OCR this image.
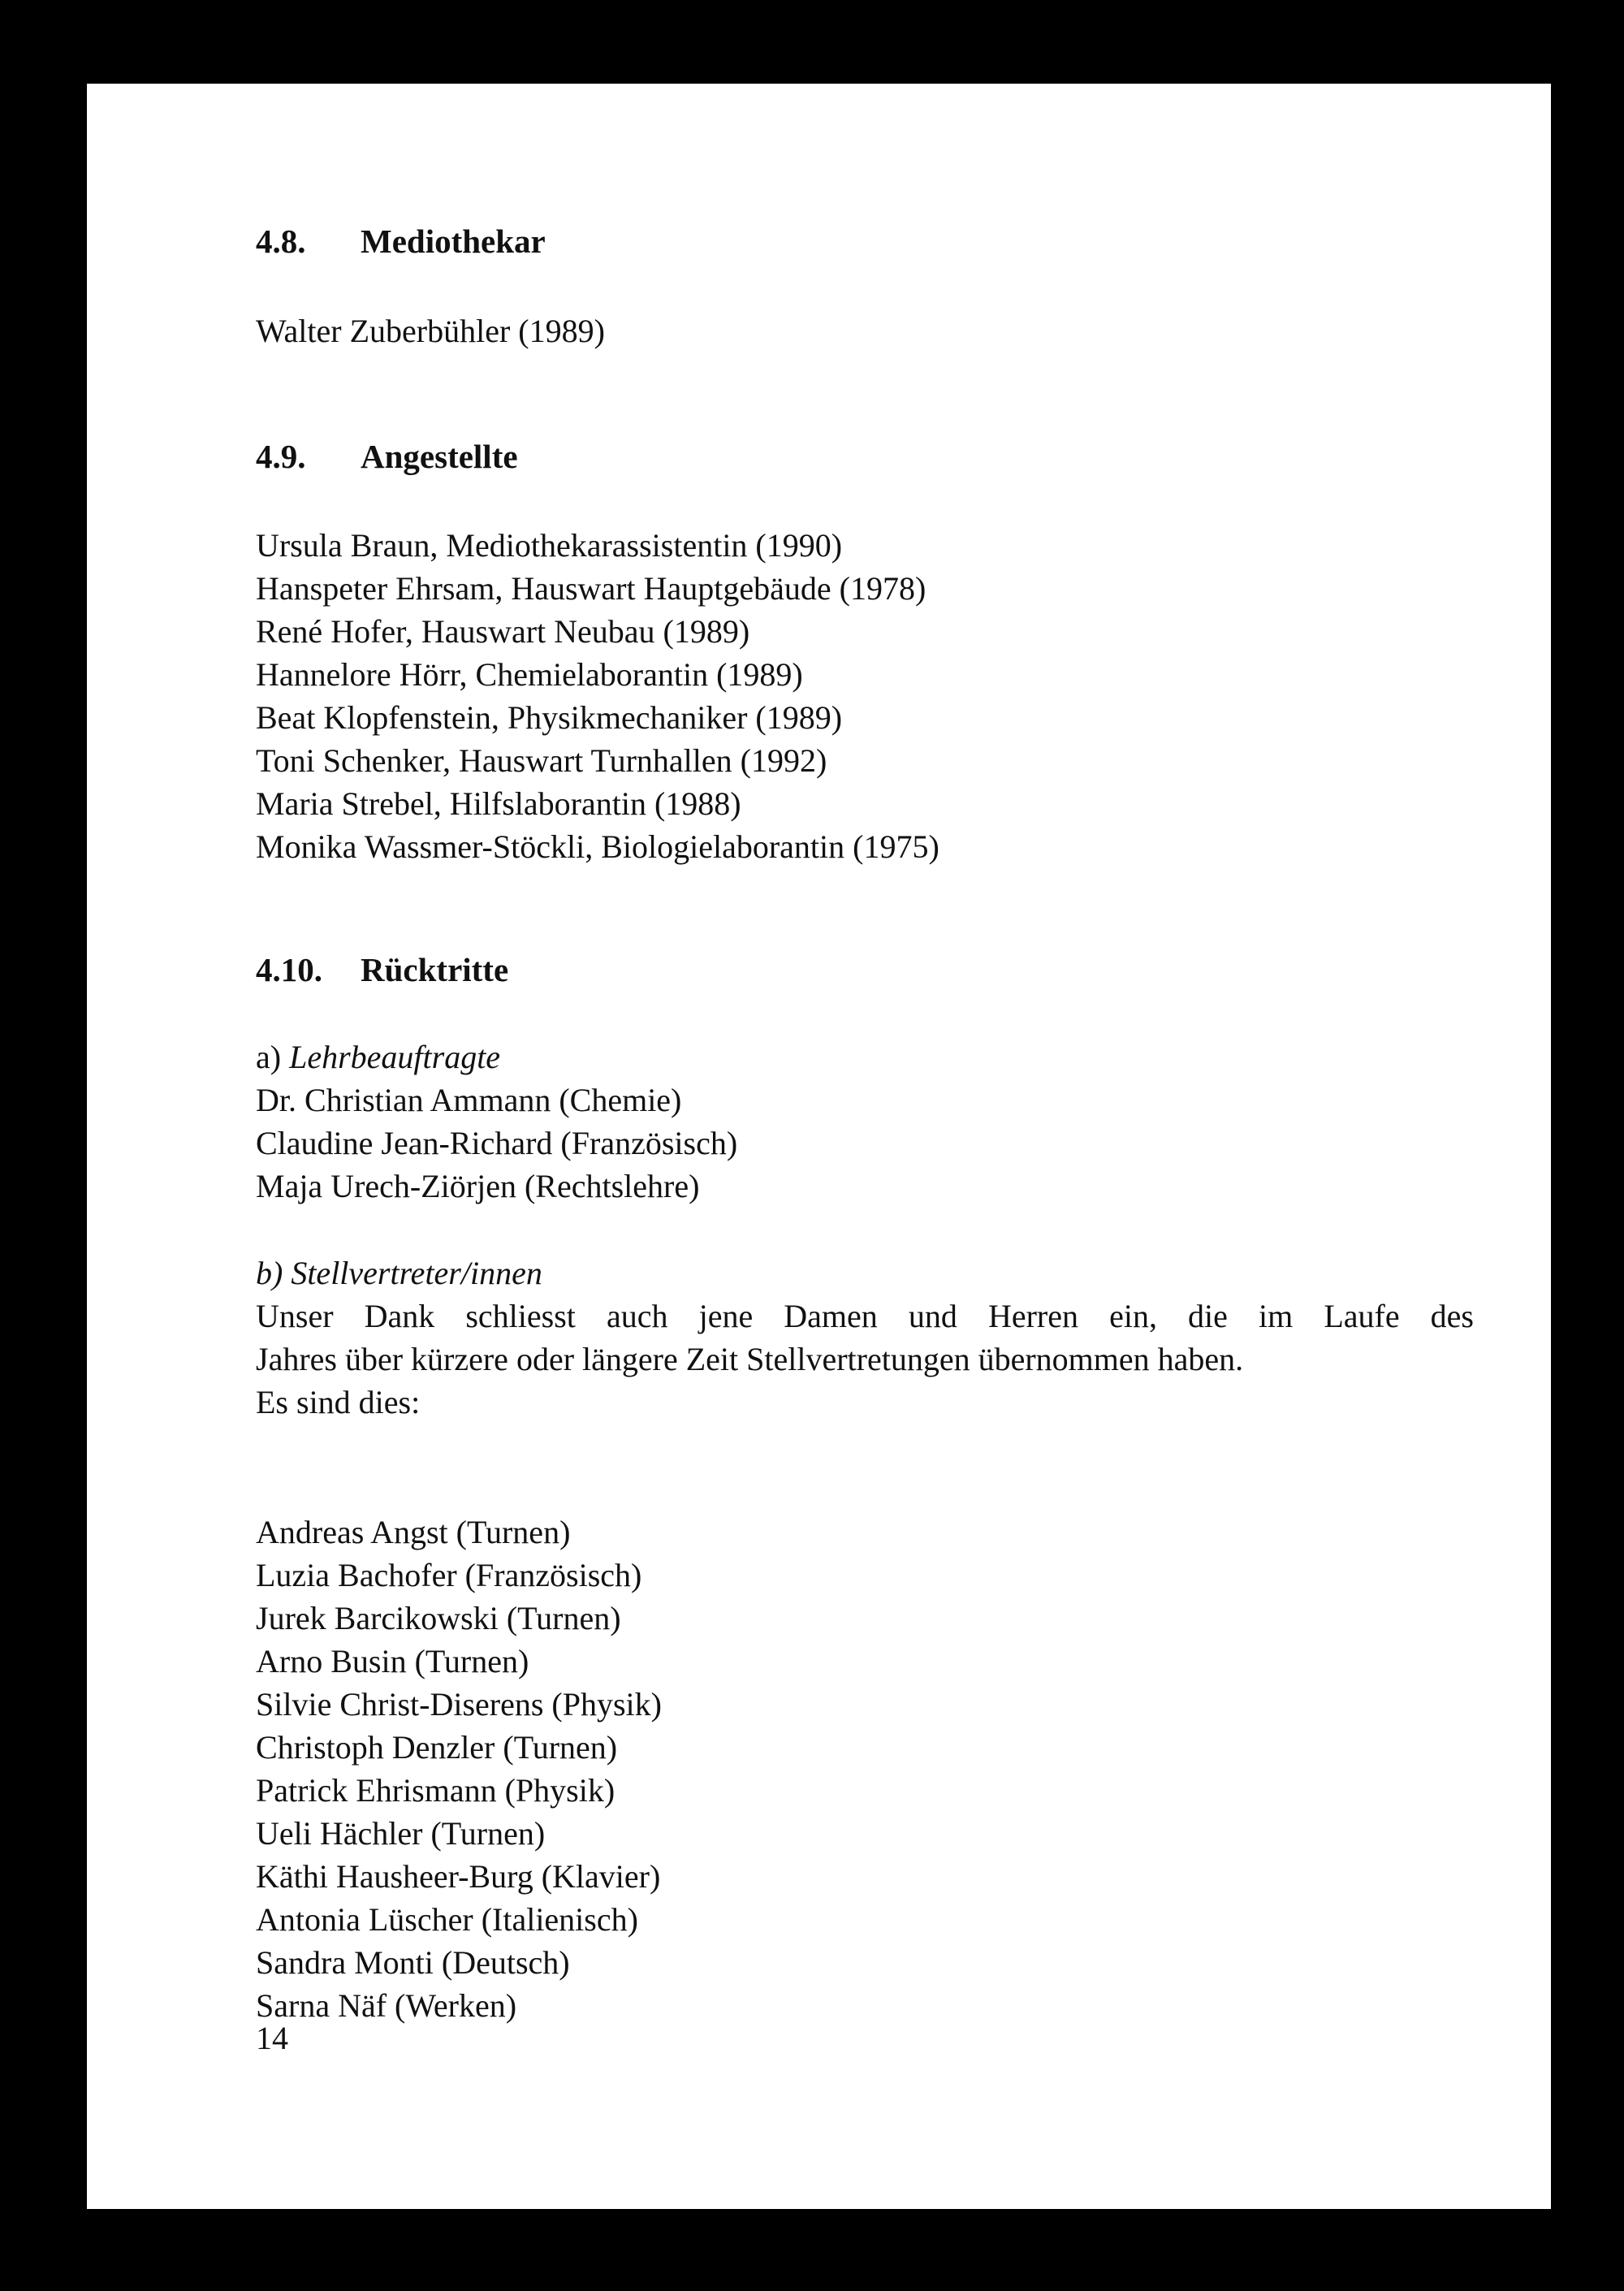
4.8. Mediothekar
Walter Zuberbühler (1989)
4.9. Angestellte
Ursula Braun, Mediothekarassistentin (1990)
Hanspeter Ehrsam, Hauswart Hauptgebäude (1978)
René Hofer, Hauswart Neubau (1989)
Hannelore Hörr, Chemielaborantin (1989)
Beat Klopfenstein, Physikmechaniker (1989)
Toni Schenker, Hauswart Turnhallen (1992)
Maria Strebel, Hilfslaborantin (1988)
Monika Wassmer-Stöckli, Biologielaborantin (1975)
4.10. Rücktritte
a) Lehrbeauftragte
Dr. Christian Ammann (Chemie)
Claudine Jean-Richard (Französisch)
Maja Urech-Ziörjen (Rechtslehre)
b) Stellvertreter/innen
Unser Dank schliesst auch jene Damen und Herren ein, die im Laufe des
Jahres über kürzere oder längere Zeit Stellvertretungen übernommen haben.
Es sind dies:
Andreas Angst (Turnen)
Luzia Bachofer (Französisch)
Jurek Barcikowski (Turnen)
Arno Busin (Turnen)
Silvie Christ-Diserens (Physik)
Christoph Denzler (Turnen)
Patrick Ehrismann (Physik)
Ueli Hächler (Turnen)
Käthi Hausheer-Burg (Klavier)
Antonia Lüscher (Italienisch)
Sandra Monti (Deutsch)
Sarna Näf (Werken)
14
